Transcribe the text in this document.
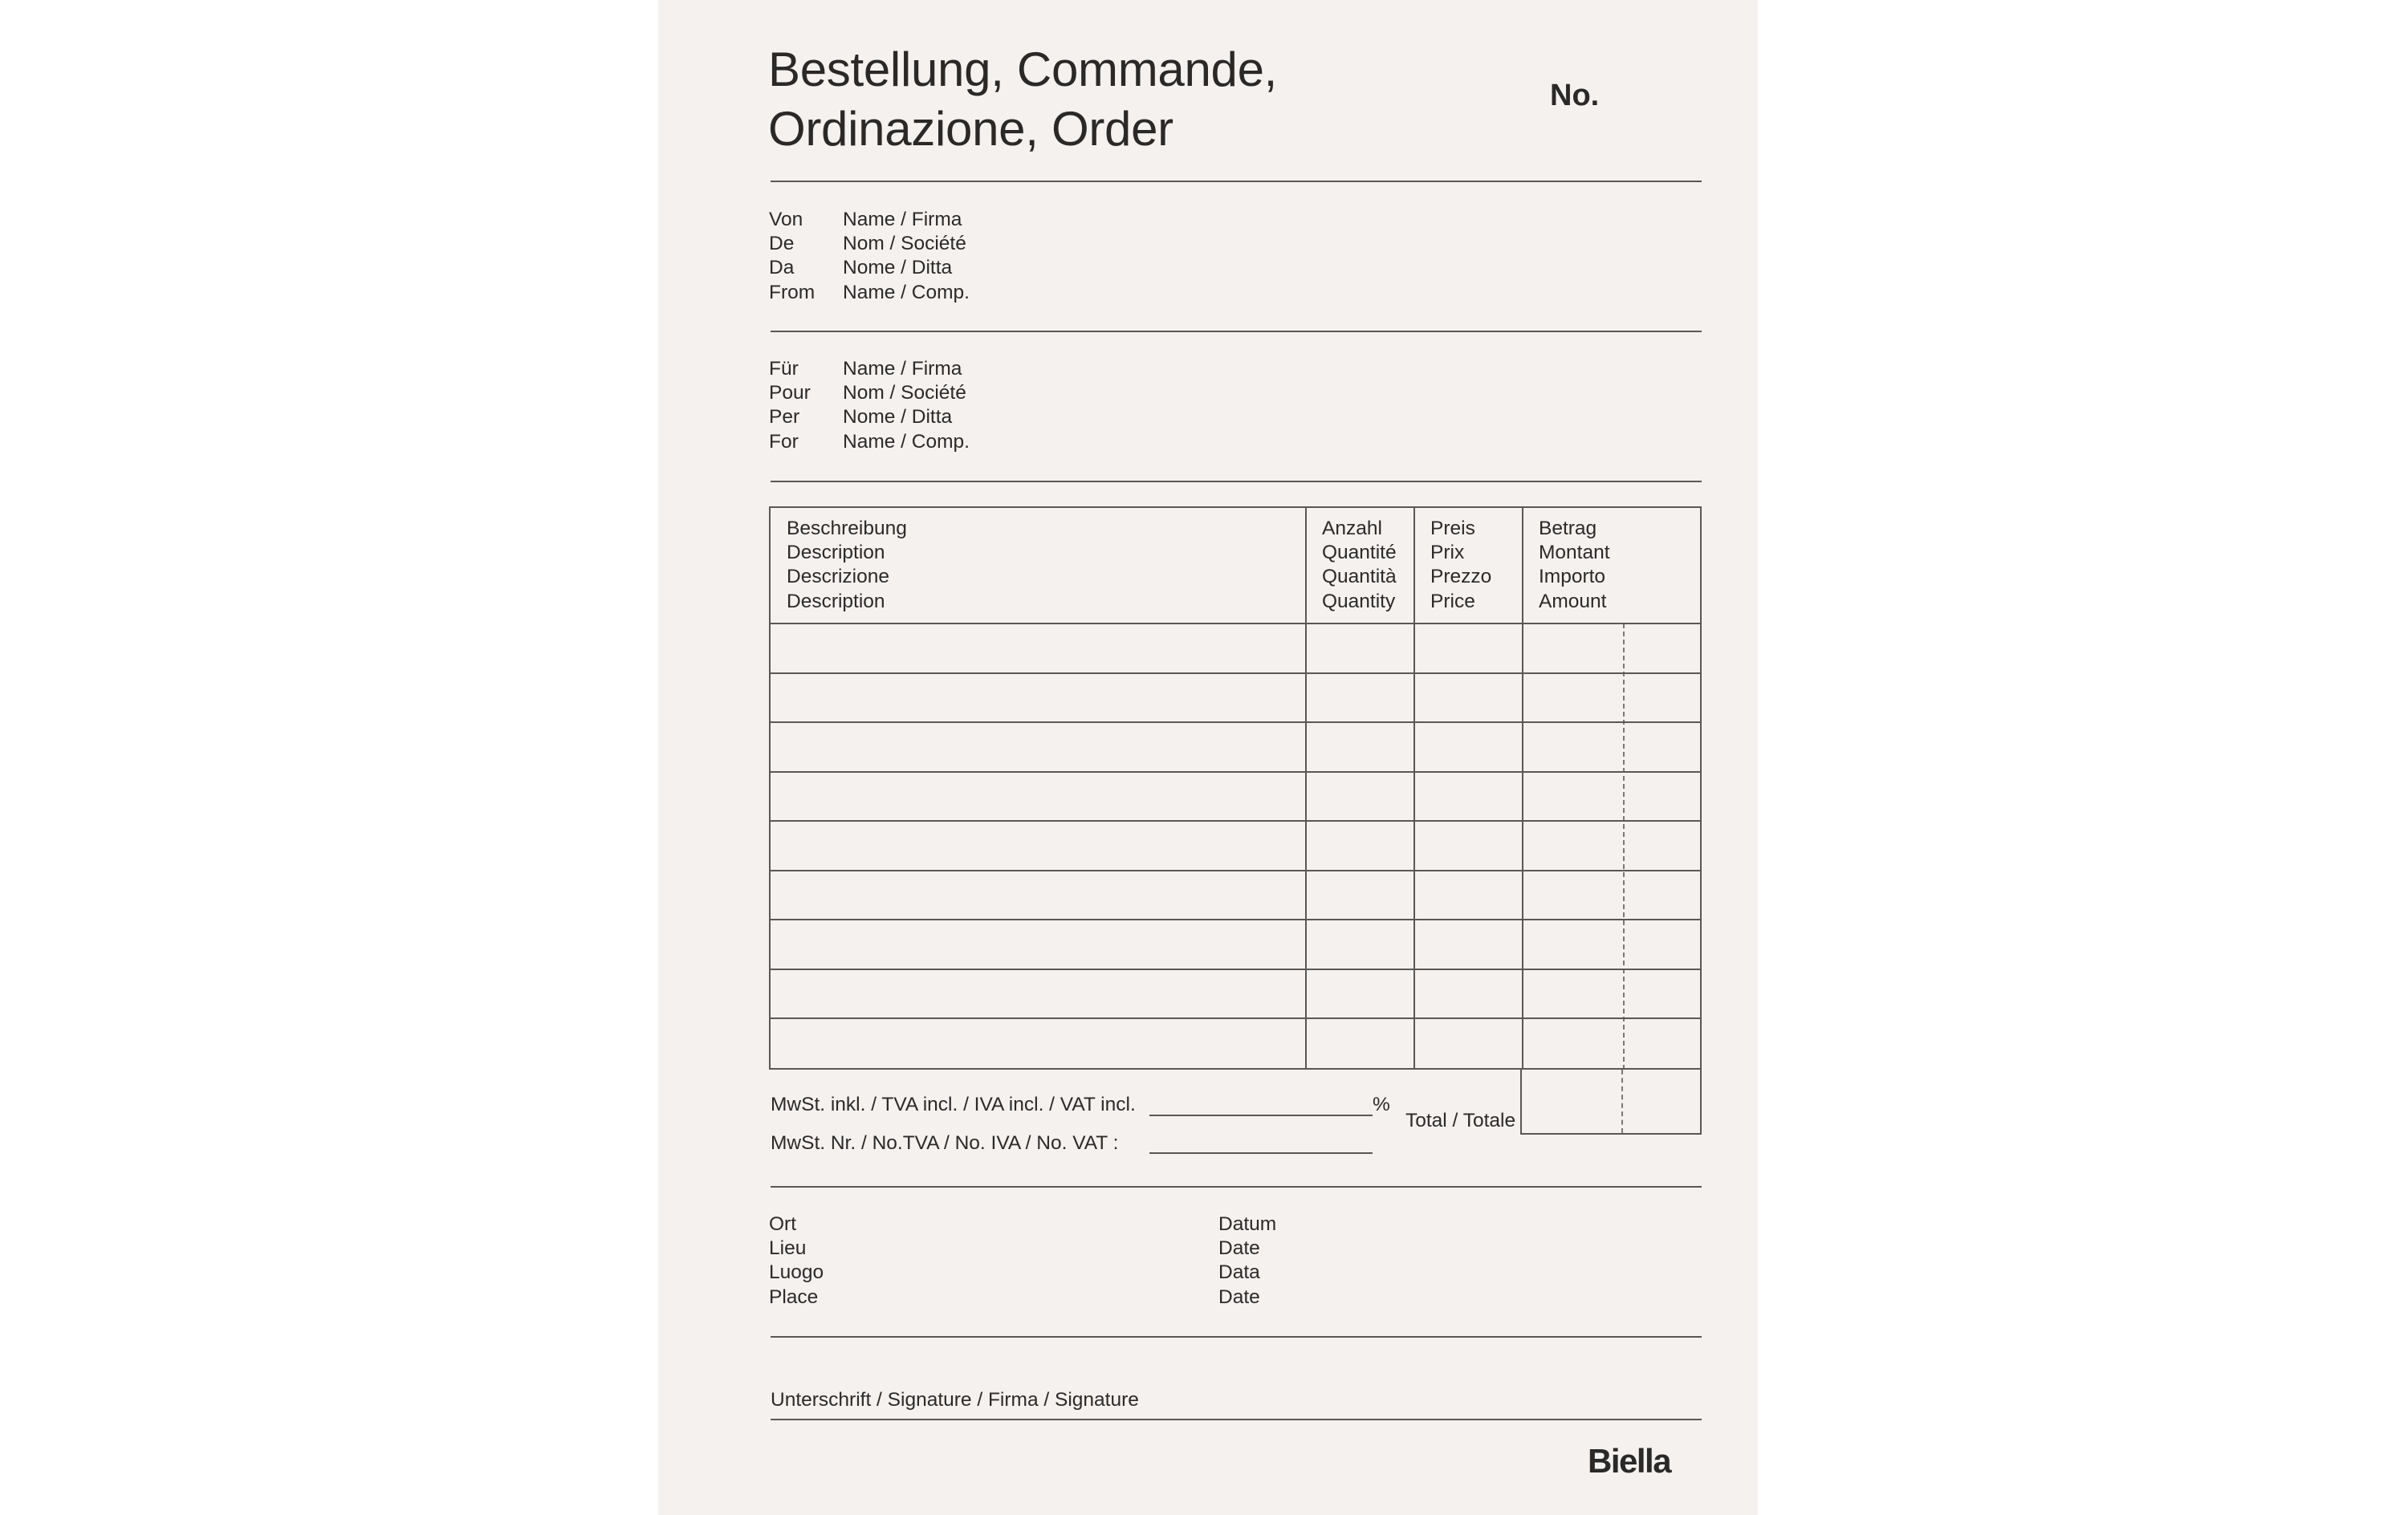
Bestellung, Commande,
Ordinazione, Order
No.
Von
De
Da
From
Name / Firma
Nom / Société
Nome / Ditta
Name / Comp.
Für
Pour
Per
For
Name / Firma
Nom / Société
Nome / Ditta
Name / Comp.
Beschreibung
Description
Descrizione
Description
Anzahl
Quantité
Quantità
Quantity
Preis
Prix
Prezzo
Price
Betrag
Montant
Importo
Amount
Total / Totale
MwSt. inkl. / TVA incl. / IVA incl. / VAT incl.	%
MwSt. Nr. / No.TVA / No. IVA / No. VAT :
Ort
Lieu
Luogo
Place
Datum
Date
Data
Date
Unterschrift / Signature / Firma / Signature
Biella
